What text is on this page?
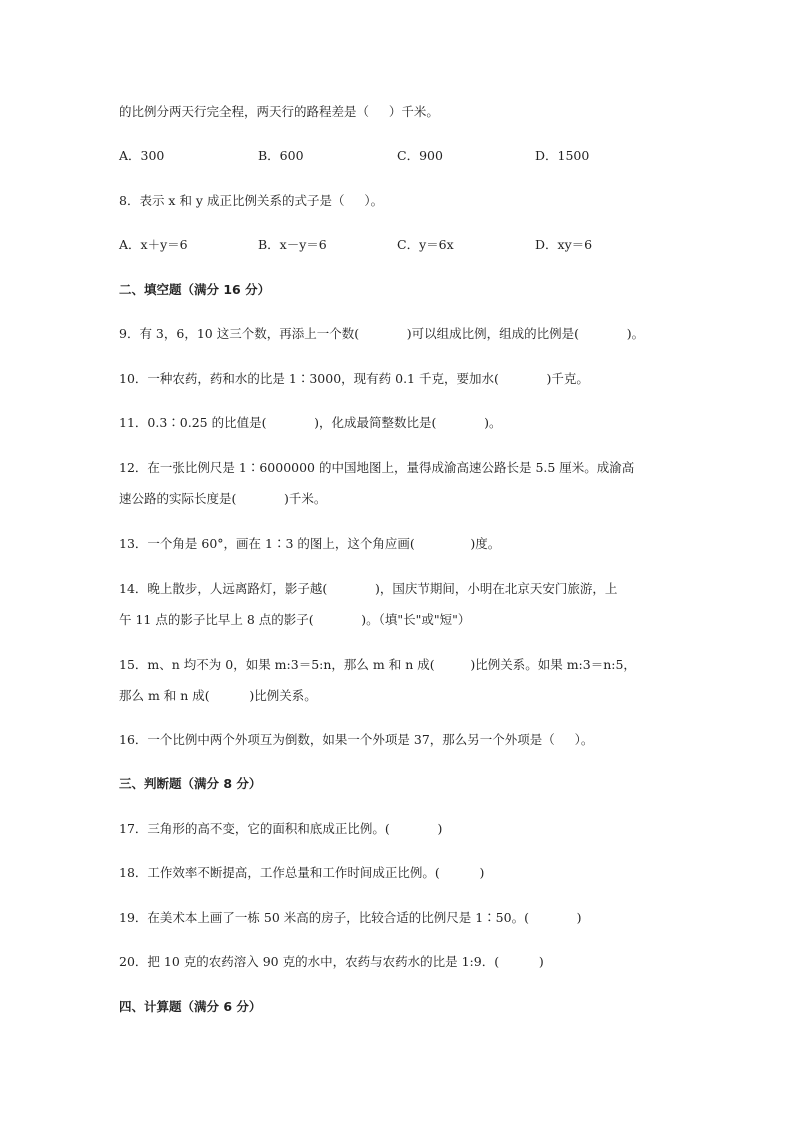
的比例分两天行完全程，两天行的路程差是（     ）千米。
A．300	B．600	C．900	D．1500
8．表示 x 和 y 成正比例关系的式子是（     ）。
A．x＋y＝6	B．x－y＝6	C．y＝6x	D．xy＝6
二、填空题（满分 16 分）
9．有 3，6，10 这三个数，再添上一个数(            )可以组成比例，组成的比例是(            )。
10．一种农药，药和水的比是 1∶3000，现有药 0.1 千克，要加水(            )千克。
11．0.3∶0.25 的比值是(            )，化成最简整数比是(            )。
12．在一张比例尺是 1∶6000000 的中国地图上，量得成渝高速公路长是 5.5 厘米。成渝高
速公路的实际长度是(            )千米。
13．一个角是 60°，画在 1∶3 的图上，这个角应画(              )度。
14．晚上散步，人远离路灯，影子越(            )，国庆节期间，小明在北京天安门旅游，上
午 11 点的影子比早上 8 点的影子(            )。（填"长"或"短"）
15．m、n 均不为 0，如果 m:3＝5:n，那么 m 和 n 成(         )比例关系。如果 m:3＝n:5，
那么 m 和 n 成(          )比例关系。
16．一个比例中两个外项互为倒数，如果一个外项是 37，那么另一个外项是（     ）。
三、判断题（满分 8 分）
17．三角形的高不变，它的面积和底成正比例。(            )
18．工作效率不断提高，工作总量和工作时间成正比例。(          )
19．在美术本上画了一栋 50 米高的房子，比较合适的比例尺是 1∶50。(            )
20．把 10 克的农药溶入 90 克的水中，农药与农药水的比是 1:9．(          )
四、计算题（满分 6 分）
